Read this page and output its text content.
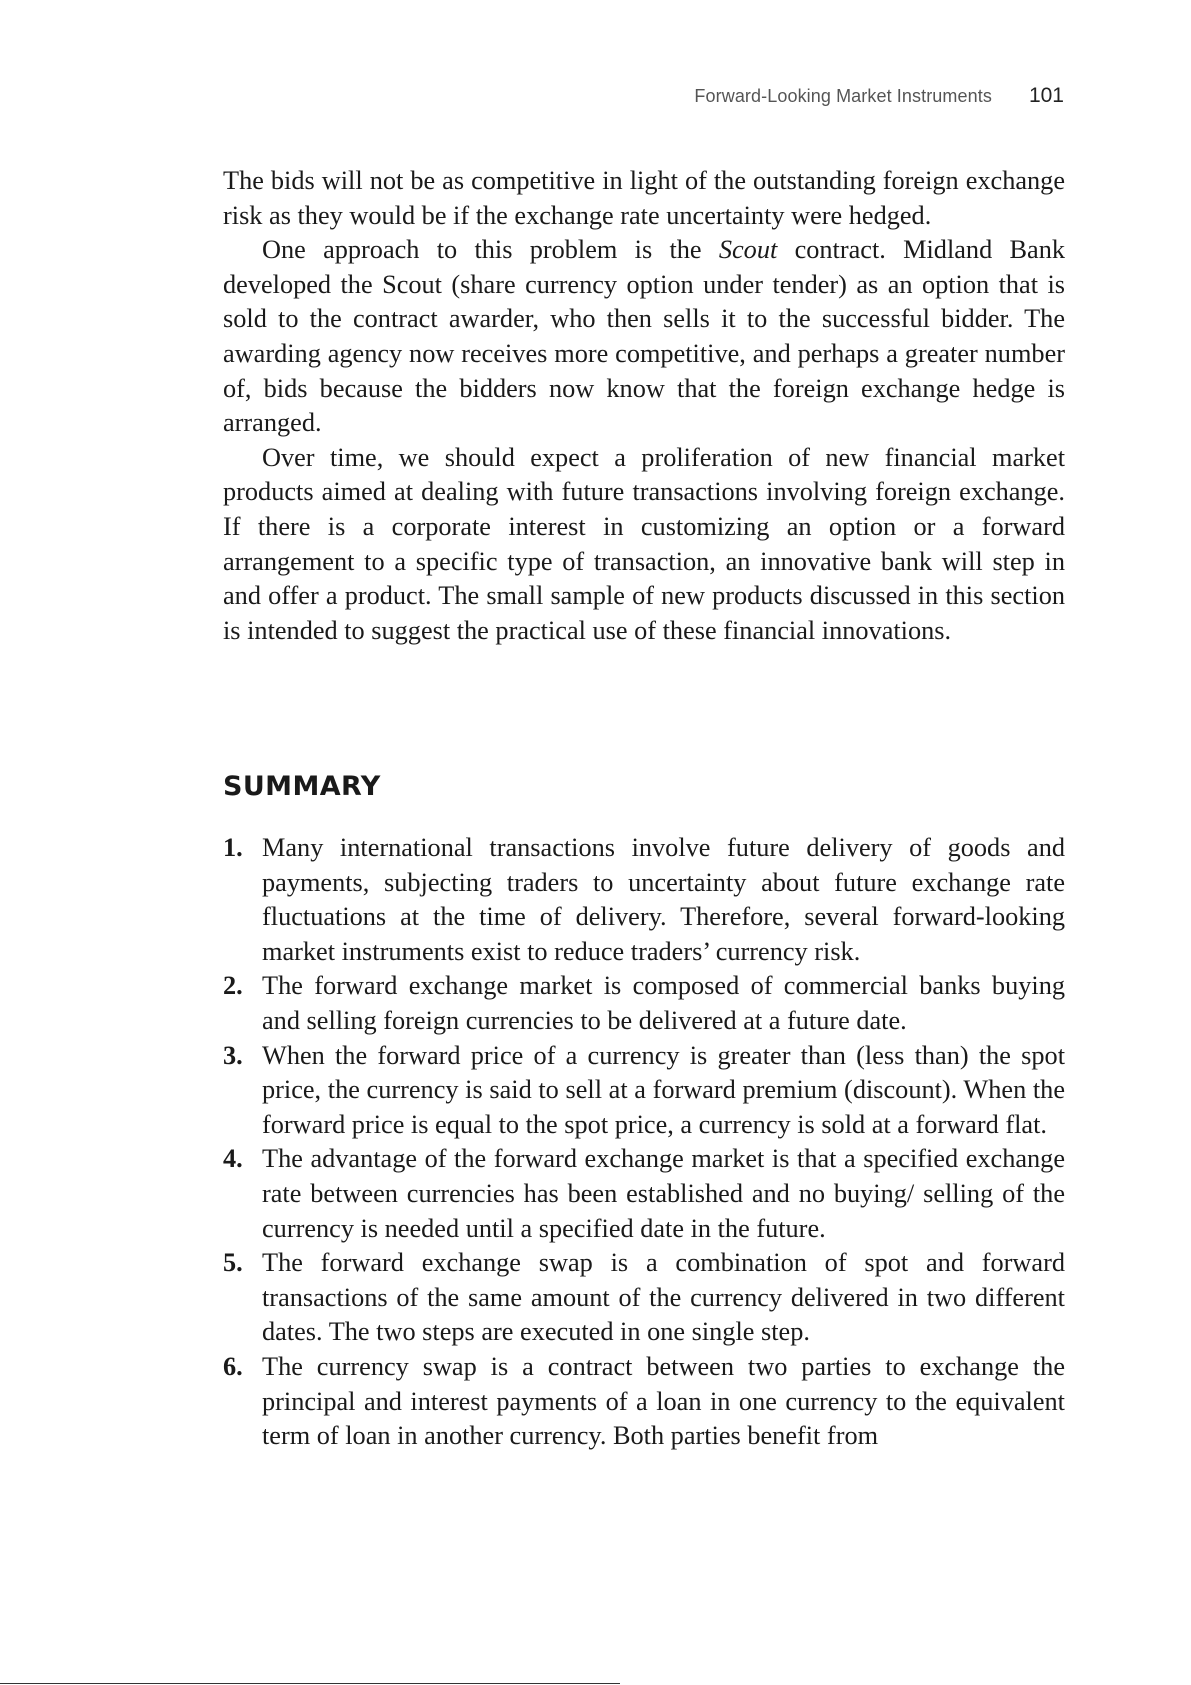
Forward-Looking Market Instruments 101

The bids will not be as competitive in light of the outstanding foreign exchange risk as they would be if the exchange rate uncertainty were hedged.

One approach to this problem is the Scout contract. Midland Bank developed the Scout (share currency option under tender) as an option that is sold to the contract awarder, who then sells it to the successful bidder. The awarding agency now receives more competitive, and perhaps a greater number of, bids because the bidders now know that the foreign exchange hedge is arranged.

Over time, we should expect a proliferation of new financial market products aimed at dealing with future transactions involving foreign exchange. If there is a corporate interest in customizing an option or a forward arrangement to a specific type of transaction, an innovative bank will step in and offer a product. The small sample of new products discussed in this section is intended to suggest the practical use of these financial innovations.

SUMMARY
1. Many international transactions involve future delivery of goods and payments, subjecting traders to uncertainty about future exchange rate fluctuations at the time of delivery. Therefore, several forward-looking market instruments exist to reduce traders’ currency risk.
2. The forward exchange market is composed of commercial banks buying and selling foreign currencies to be delivered at a future date.
3. When the forward price of a currency is greater than (less than) the spot price, the currency is said to sell at a forward premium (discount). When the forward price is equal to the spot price, a currency is sold at a forward flat.
4. The advantage of the forward exchange market is that a specified exchange rate between currencies has been established and no buying/ selling of the currency is needed until a specified date in the future.
5. The forward exchange swap is a combination of spot and forward transactions of the same amount of the currency delivered in two different dates. The two steps are executed in one single step.
6. The currency swap is a contract between two parties to exchange the principal and interest payments of a loan in one currency to the equivalent term of loan in another currency. Both parties benefit from
